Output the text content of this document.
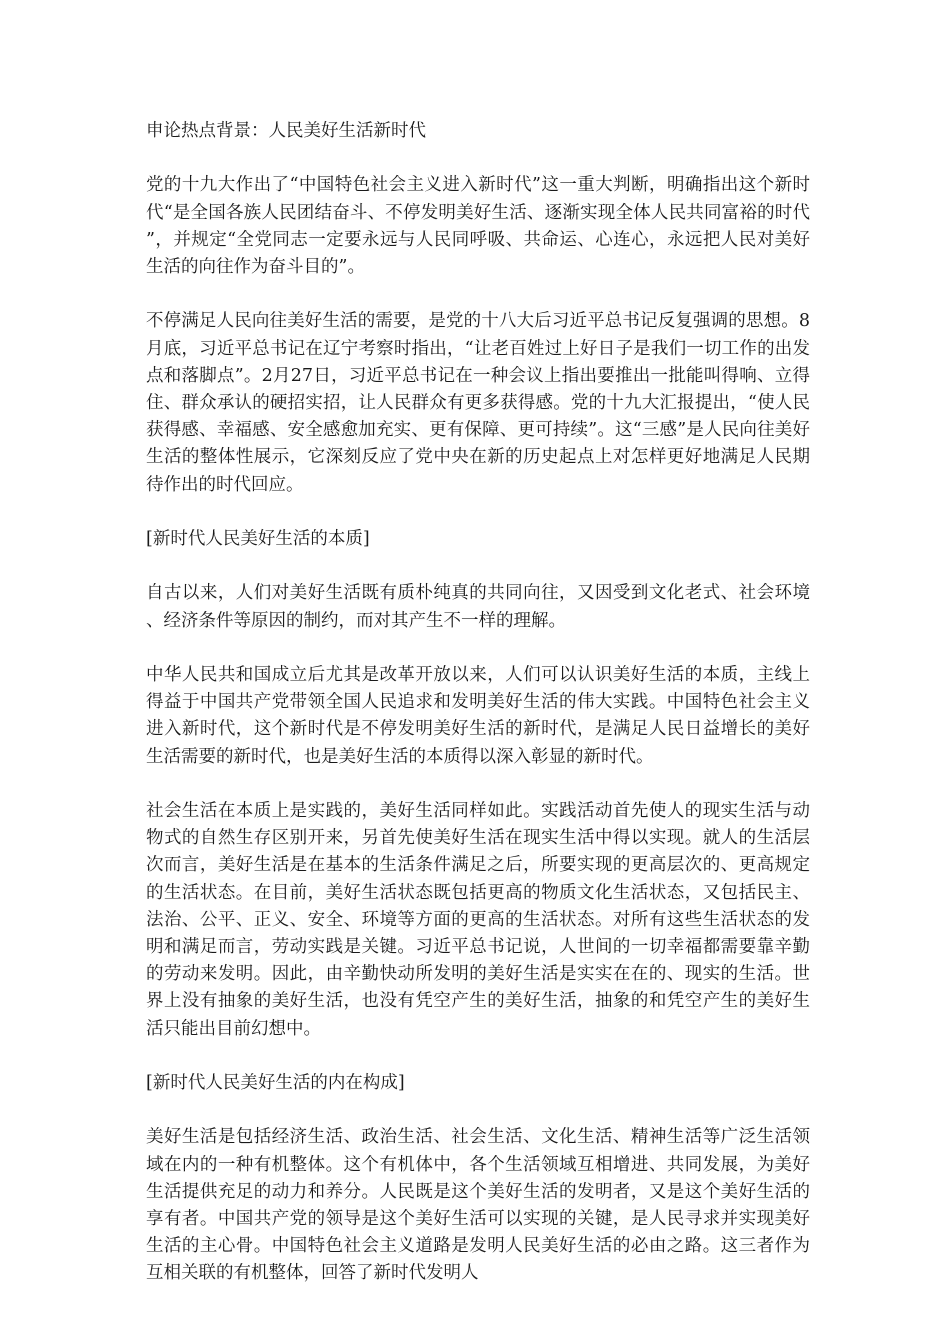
申论热点背景：人民美好生活新时代

党的十九大作出了“中国特色社会主义进入新时代”这一重大判断，明确指出这个新时代“是全国各族人民团结奋斗、不停发明美好生活、逐渐实现全体人民共同富裕的时代”，并规定“全党同志一定要永远与人民同呼吸、共命运、心连心，永远把人民对美好生活的向往作为奋斗目的”。

不停满足人民向往美好生活的需要，是党的十八大后习近平总书记反复强调的思想。8月底，习近平总书记在辽宁考察时指出，“让老百姓过上好日子是我们一切工作的出发点和落脚点”。2月27日，习近平总书记在一种会议上指出要推出一批能叫得响、立得住、群众承认的硬招实招，让人民群众有更多获得感。党的十九大汇报提出，“使人民获得感、幸福感、安全感愈加充实、更有保障、更可持续”。这“三感”是人民向往美好生活的整体性展示，它深刻反应了党中央在新的历史起点上对怎样更好地满足人民期待作出的时代回应。

[新时代人民美好生活的本质]

自古以来，人们对美好生活既有质朴纯真的共同向往，又因受到文化老式、社会环境、经济条件等原因的制约，而对其产生不一样的理解。

中华人民共和国成立后尤其是改革开放以来，人们可以认识美好生活的本质，主线上得益于中国共产党带领全国人民追求和发明美好生活的伟大实践。中国特色社会主义进入新时代，这个新时代是不停发明美好生活的新时代，是满足人民日益增长的美好生活需要的新时代，也是美好生活的本质得以深入彰显的新时代。

社会生活在本质上是实践的，美好生活同样如此。实践活动首先使人的现实生活与动物式的自然生存区别开来，另首先使美好生活在现实生活中得以实现。就人的生活层次而言，美好生活是在基本的生活条件满足之后，所要实现的更高层次的、更高规定的生活状态。在目前，美好生活状态既包括更高的物质文化生活状态，又包括民主、法治、公平、正义、安全、环境等方面的更高的生活状态。对所有这些生活状态的发明和满足而言，劳动实践是关键。习近平总书记说，人世间的一切幸福都需要靠辛勤的劳动来发明。因此，由辛勤快动所发明的美好生活是实实在在的、现实的生活。世界上没有抽象的美好生活，也没有凭空产生的美好生活，抽象的和凭空产生的美好生活只能出目前幻想中。

[新时代人民美好生活的内在构成]

美好生活是包括经济生活、政治生活、社会生活、文化生活、精神生活等广泛生活领域在内的一种有机整体。这个有机体中，各个生活领域互相增进、共同发展，为美好生活提供充足的动力和养分。人民既是这个美好生活的发明者，又是这个美好生活的享有者。中国共产党的领导是这个美好生活可以实现的关键，是人民寻求并实现美好生活的主心骨。中国特色社会主义道路是发明人民美好生活的必由之路。这三者作为互相关联的有机整体，回答了新时代发明人
